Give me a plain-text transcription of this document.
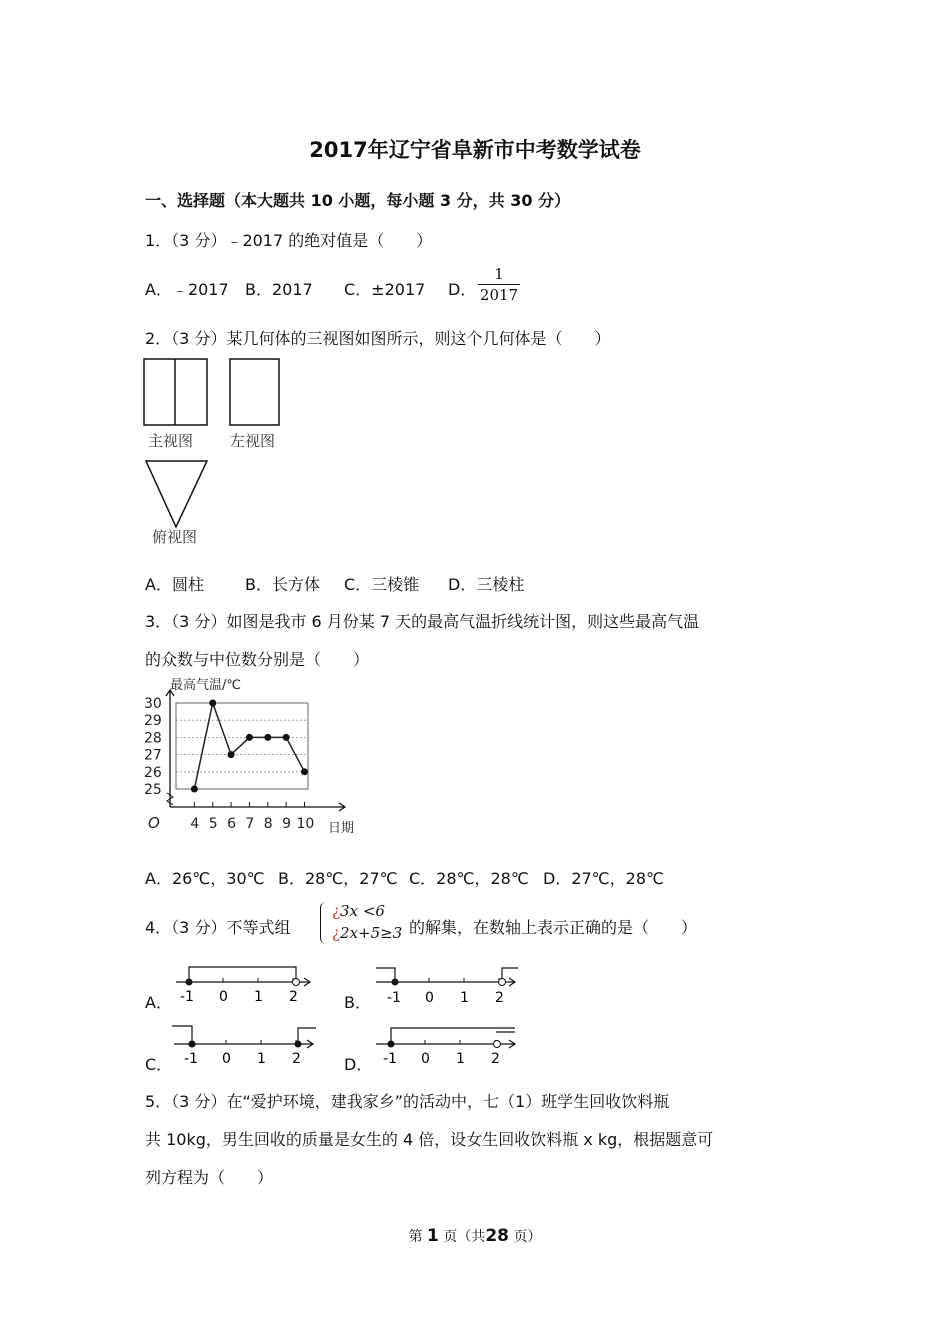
2017年辽宁省阜新市中考数学试卷
一、选择题（本大题共 10 小题，每小题 3 分，共 30 分）
1．（3 分）﹣2017 的绝对值是（　　）
A．﹣2017 B．2017 C．±2017 D． $\frac{1}{2017}$
2．（3 分）某几何体的三视图如图所示，则这个几何体是（　　）
主视图 左视图
俯视图
A．圆柱	B．长方体 C．三棱锥 D．三棱柱
3．（3 分）如图是我市 6 月份某 7 天的最高气温折线统计图，则这些最高气温
的众数与中位数分别是（　　）
最高气温/℃
O	日期
25
26
27
28
29
30
4 5 6 7 8 9 10
A．26℃，30℃ B．28℃，27℃ C．28℃，28℃ D．27℃，28℃
4．（3 分）不等式组
¿3x <6
¿2x+5≥3 的解集，在数轴上表示正确的是（　　）
A．	B．
C．	D．
-1 0 1 2	-1 0 1 2
-1 0 1 2	-1 0 1 2
5．（3 分）在“爱护环境，建我家乡”的活动中，七（1）班学生回收饮料瓶
共 10kg，男生回收的质量是女生的 4 倍，设女生回收饮料瓶 x kg，根据题意可
列方程为（　　）
第 1 页（共28 页）
